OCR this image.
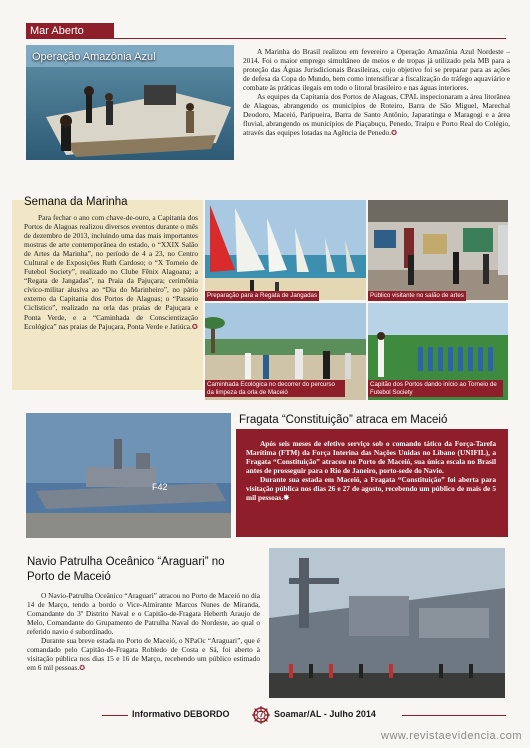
Mar Aberto
Operação Amazônia Azul	A Marinha do Brasil realizou em fevereiro a Operação Amazônia Azul Nordeste – 2014. Foi o maior emprego simultâneo de meios e de tropas já utilizado pela MB para a proteção das Águas Jurisdicionais Brasileiras, cujo objetivo foi se preparar para as ações de defesa da Copa do Mundo, bem como intensificar a fiscalização do tráfego aquaviário e combate às práticas ilegais em todo o litoral brasileiro e nas águas interiores.

As equipes da Capitania dos Portos de Alagoas, CPAL inspecionaram a área litorânea de Alagoas, abrangendo os municípios de Roteiro, Barra de São Miguel, Marechal Deodoro, Maceió, Paripueira, Barra de Santo Antônio, Japaratinga e Maragogi e a área fluvial, abrangendo os municípios de Piaçabuçu, Penedo, Traipu e Porto Real do Colégio, através das equipes lotadas na Agência de Penedo.✪

Semana da Marinha

Para fechar o ano com chave-de-ouro, a Capitania dos Portos de Alagoas realizou diversos eventos durante o mês de dezembro de 2013, incluindo uma das mais importantes mostras de arte contemporânea do estado, o “XXIX Salão de Artes da Marinha”, no período de 4 a 23, no Centro Cultural e de Exposições Ruth Cardoso; o “X Torneio de Futebol Society”, realizado no Clube Fênix Alagoana; a “Regata de Jangadas”, na Praia da Pajuçara; cerimônia cívico-militar alusiva ao “Dia do Marinheiro”, no pátio externo da Capitania dos Portos de Alagoas; o “Passeio Ciclístico”, realizado na orla das praias de Pajuçara e Ponta Verde, e a “Caminhada de Conscientização Ecológica” nas praias de Pajuçara, Ponta Verde e Jatiúca.✪

Preparação para a Regata de Jangadas	Público visitante no salão de artes
Caminhada Ecológica no decorrer do percurso da limpeza da orla de Maceió
Capitão dos Portos dando início ao Torneio de Futebol Society
Fragata “Constituição” atraca em Maceió
F42

Após seis meses de efetivo serviço sob o comando tático da Força-Tarefa Marítima (FTM) da Força Interina das Nações Unidas no Líbano (UNIFIL), a Fragata “Constituição” atracou no Porto de Maceió, sua única escala no Brasil antes de prosseguir para o Rio de Janeiro, porto-sede do Navio.

Durante sua estada em Maceió, a Fragata “Constituição” foi aberta para visitação pública nos dias 26 e 27 de agosto, recebendo um público de mais de 5 mil pessoas.✸

Navio Patrulha Oceânico “Araguari” no
Porto de Maceió

O Navio-Patrulha Oceânico “Araguari” atracou no Porto de Maceió no dia 14 de Março, tendo a bordo o Vice-Almirante Marcos Nunes de Miranda, Comandante do 3º Distrito Naval e o Capitão-de-Fragata Heberth Araujo de Melo, Comandante do Grupamento de Patrulha Naval do Nordeste, ao qual o referido navio é subordinado.

Durante sua breve estada no Porto de Maceió, o NPaOc “Araguari”, que é comandado pelo Capitão-de-Fragata Robledo de Costa e Sá, foi aberto à visitação pública nos dias 15 e 16 de Março, recebendo um público estimado em 6 mil pessoas.✪

Informativo DEBORDO	7 Soamar/AL - Julho 2014
www.revistaevidencia.com
